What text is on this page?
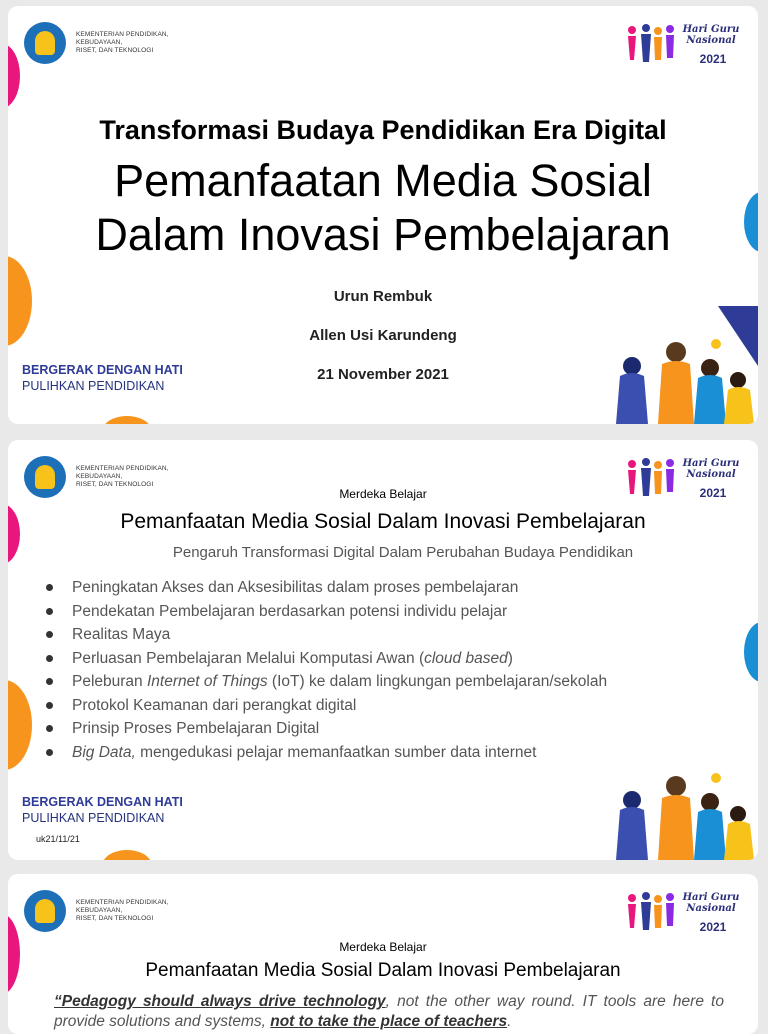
KEMENTERIAN PENDIDIKAN,
KEBUDAYAAN,
RISET, DAN TEKNOLOGI
Hari Guru
Nasional
2021
Transformasi Budaya Pendidikan Era Digital
Pemanfaatan Media Sosial
Dalam Inovasi Pembelajaran
Urun Rembuk
Allen Usi Karundeng
21 November 2021
BERGERAK DENGAN HATI
PULIHKAN PENDIDIKAN
KEMENTERIAN PENDIDIKAN,
KEBUDAYAAN,
RISET, DAN TEKNOLOGI
Hari Guru
Nasional
2021
Merdeka Belajar
Pemanfaatan Media Sosial Dalam Inovasi Pembelajaran
Pengaruh Transformasi Digital Dalam Perubahan Budaya Pendidikan
Peningkatan Akses dan Aksesibilitas dalam proses pembelajaran
Pendekatan Pembelajaran berdasarkan potensi individu pelajar
Realitas Maya
Perluasan Pembelajaran Melalui Komputasi Awan (cloud based)
Peleburan Internet of Things (IoT) ke dalam lingkungan pembelajaran/sekolah
Protokol Keamanan dari perangkat digital
Prinsip Proses Pembelajaran Digital
Big Data, mengedukasi pelajar memanfaatkan sumber data internet
BERGERAK DENGAN HATI
PULIHKAN PENDIDIKAN
uk21/11/21
KEMENTERIAN PENDIDIKAN,
KEBUDAYAAN,
RISET, DAN TEKNOLOGI
Hari Guru
Nasional
2021
Merdeka Belajar
Pemanfaatan Media Sosial Dalam Inovasi Pembelajaran
“Pedagogy should always drive technology, not the other way round. IT tools are here to provide solutions and systems, not to take the place of teachers.
